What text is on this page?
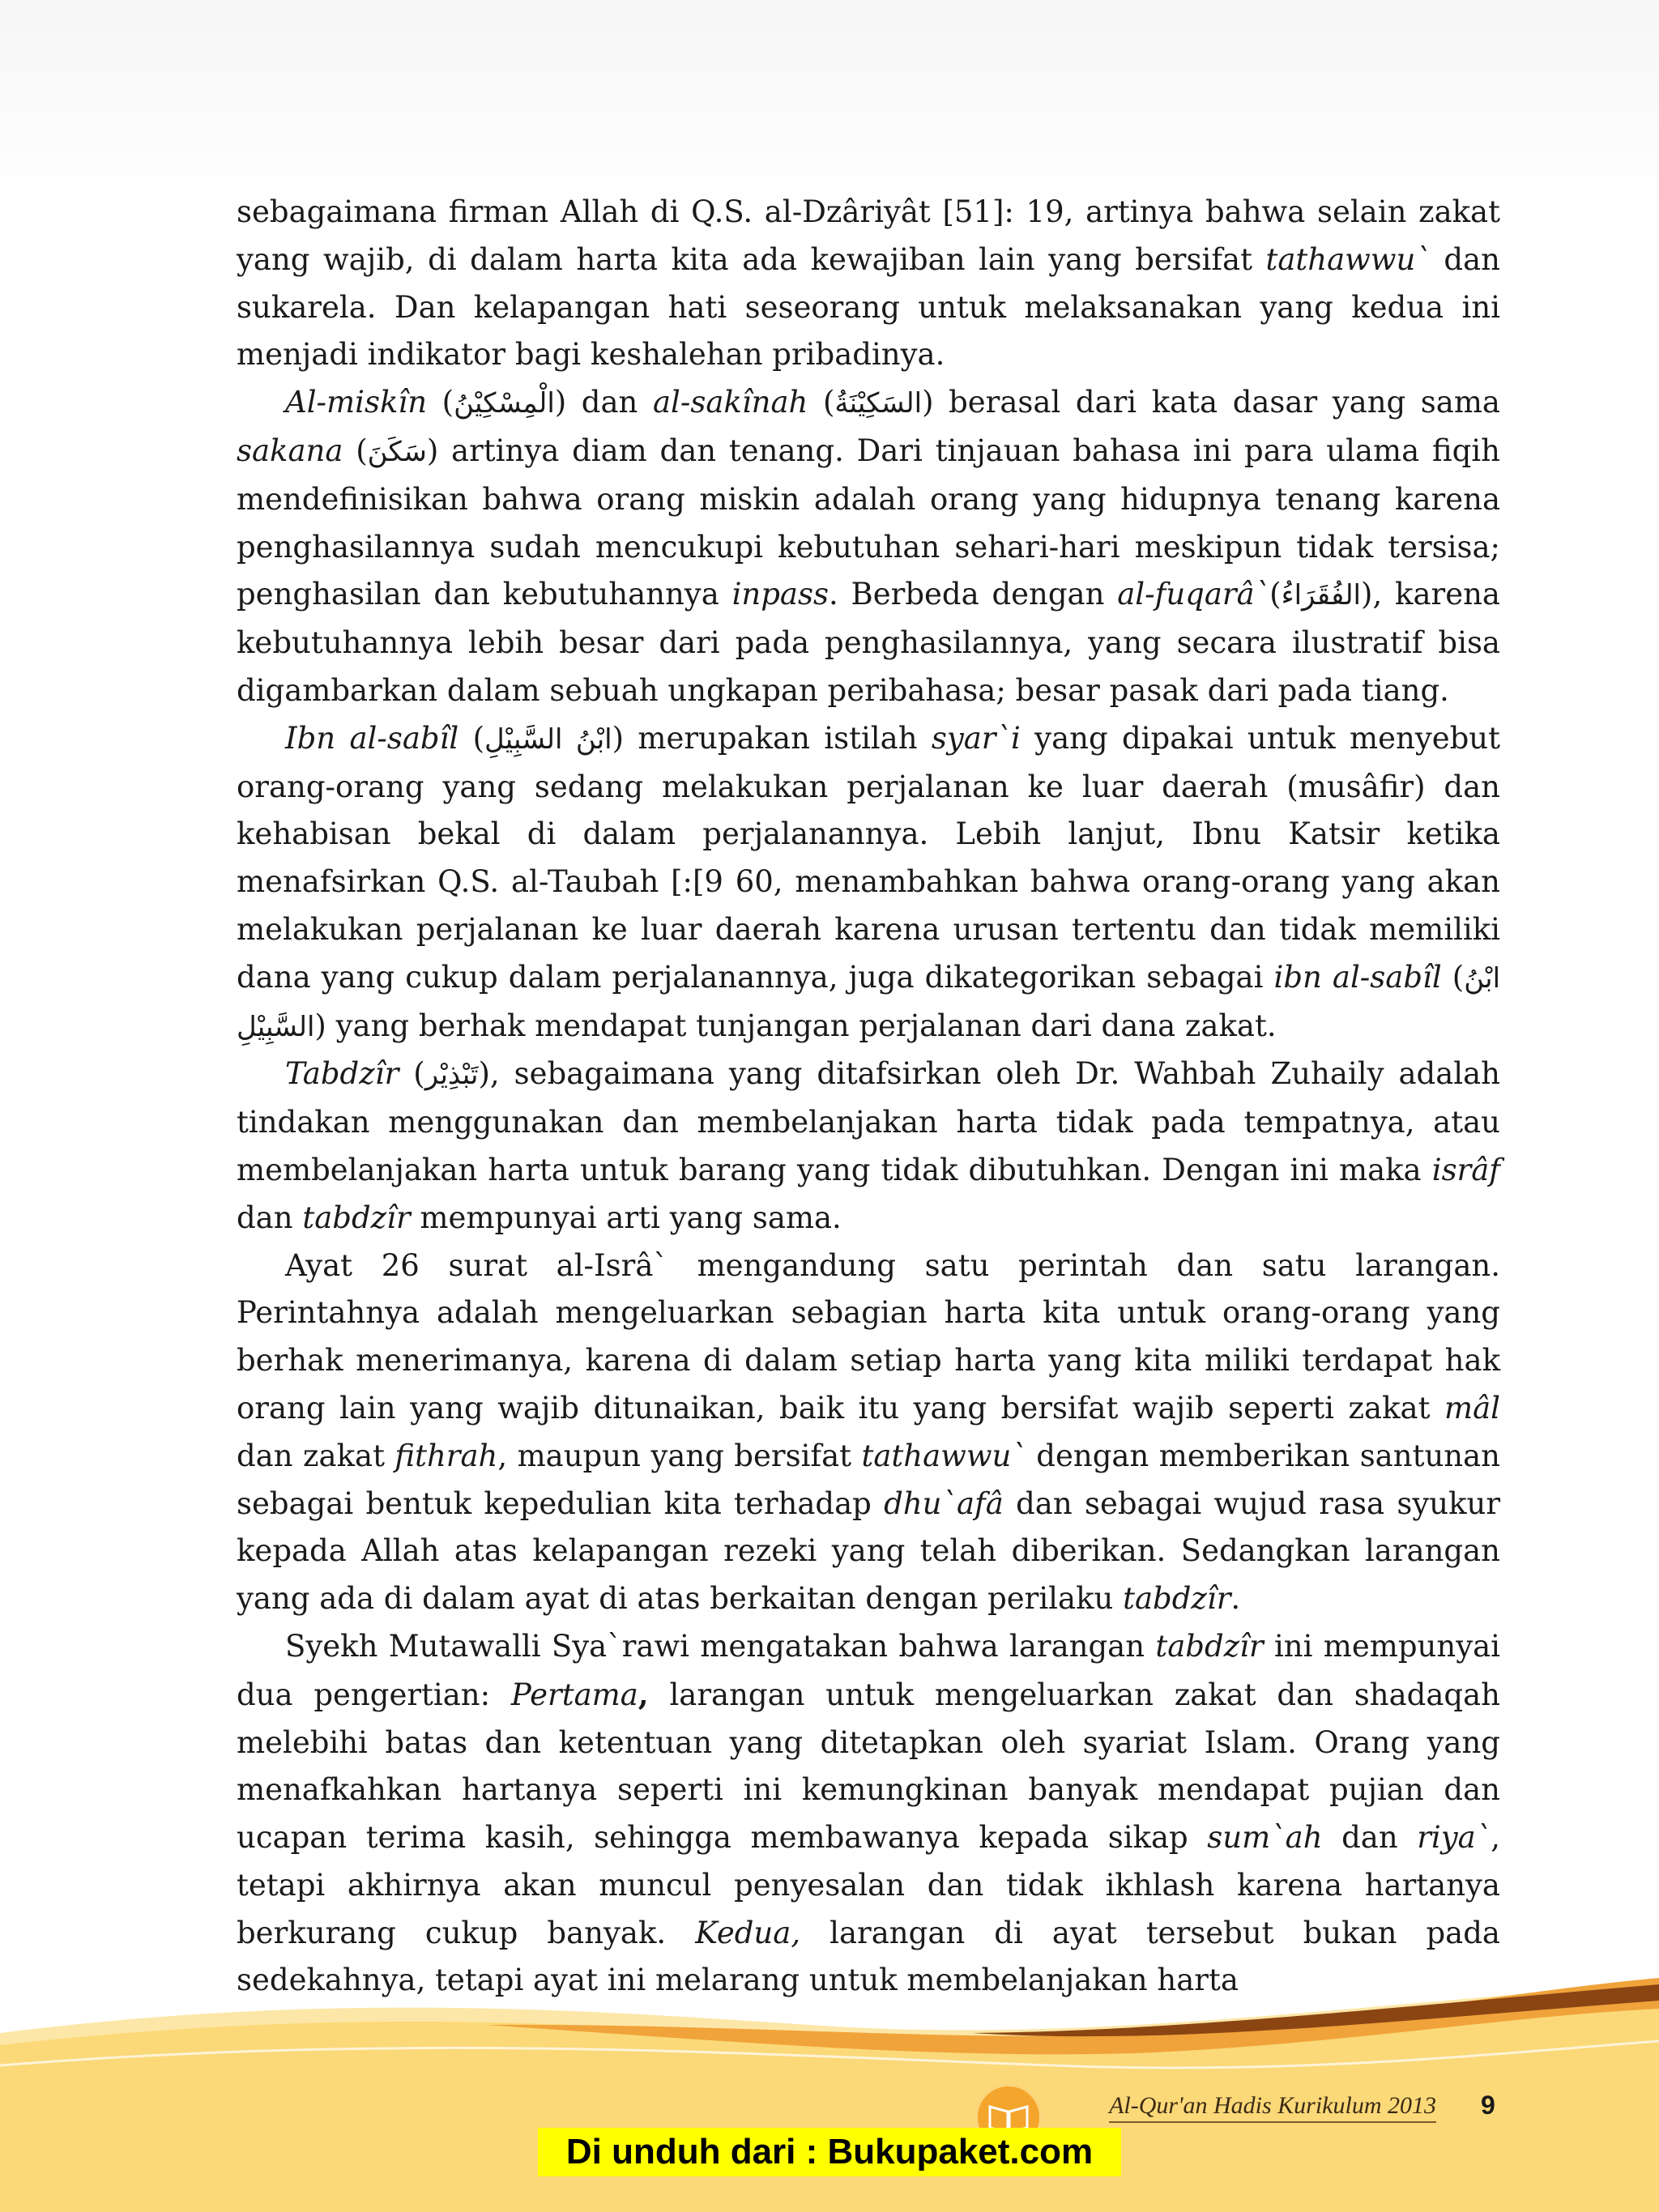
sebagaimana firman Allah di Q.S. al-Dzâriyât [51]: 19, artinya bahwa selain zakat yang wajib, di dalam harta kita ada kewajiban lain yang bersifat tathawwu` dan sukarela. Dan kelapangan hati seseorang untuk melaksanakan yang kedua ini menjadi indikator bagi keshalehan pribadinya.

Al-miskîn (الْمِسْكِيْنُ) dan al-sakînah (السَكِيْنَةُ) berasal dari kata dasar yang sama sakana (سَكَنَ) artinya diam dan tenang. Dari tinjauan bahasa ini para ulama fiqih mendefinisikan bahwa orang miskin adalah orang yang hidupnya tenang karena penghasilannya sudah mencukupi kebutuhan sehari-hari meskipun tidak tersisa; penghasilan dan kebutuhannya inpass. Berbeda dengan al-fuqarâ`(الفُقَرَاءُ), karena kebutuhannya lebih besar dari pada penghasilannya, yang secara ilustratif bisa digambarkan dalam sebuah ungkapan peribahasa; besar pasak dari pada tiang.

Ibn al-sabîl (ابْنُ السَّبِيْلِ) merupakan istilah syar`i yang dipakai untuk menyebut orang-orang yang sedang melakukan perjalanan ke luar daerah (musâfir) dan kehabisan bekal di dalam perjalanannya. Lebih lanjut, Ibnu Katsir ketika menafsirkan Q.S. al-Taubah [:[9 60, menambahkan bahwa orang-orang yang akan melakukan perjalanan ke luar daerah karena urusan tertentu dan tidak memiliki dana yang cukup dalam perjalanannya, juga dikategorikan sebagai ibn al-sabîl (ابْنُ السَّبِيْلِ) yang berhak mendapat tunjangan perjalanan dari dana zakat.

Tabdzîr (تَبْذِيْر), sebagaimana yang ditafsirkan oleh Dr. Wahbah Zuhaily adalah tindakan menggunakan dan membelanjakan harta tidak pada tempatnya, atau membelanjakan harta untuk barang yang tidak dibutuhkan. Dengan ini maka isrâf dan tabdzîr mempunyai arti yang sama.

Ayat 26 surat al-Isrâ` mengandung satu perintah dan satu larangan. Perintahnya adalah mengeluarkan sebagian harta kita untuk orang-orang yang berhak menerimanya, karena di dalam setiap harta yang kita miliki terdapat hak orang lain yang wajib ditunaikan, baik itu yang bersifat wajib seperti zakat mâl dan zakat fithrah, maupun yang bersifat tathawwu` dengan memberikan santunan sebagai bentuk kepedulian kita terhadap dhu`afâ dan sebagai wujud rasa syukur kepada Allah atas kelapangan rezeki yang telah diberikan. Sedangkan larangan yang ada di dalam ayat di atas berkaitan dengan perilaku tabdzîr.

Syekh Mutawalli Sya`rawi mengatakan bahwa larangan tabdzîr ini mempunyai dua pengertian: Pertama, larangan untuk mengeluarkan zakat dan shadaqah melebihi batas dan ketentuan yang ditetapkan oleh syariat Islam. Orang yang menafkahkan hartanya seperti ini kemungkinan banyak mendapat pujian dan ucapan terima kasih, sehingga membawanya kepada sikap sum`ah dan riya`, tetapi akhirnya akan muncul penyesalan dan tidak ikhlash karena hartanya berkurang cukup banyak. Kedua, larangan di ayat tersebut bukan pada sedekahnya, tetapi ayat ini melarang untuk membelanjakan harta

Al-Qur'an Hadis Kurikulum 2013 9
Di unduh dari : Bukupaket.com
